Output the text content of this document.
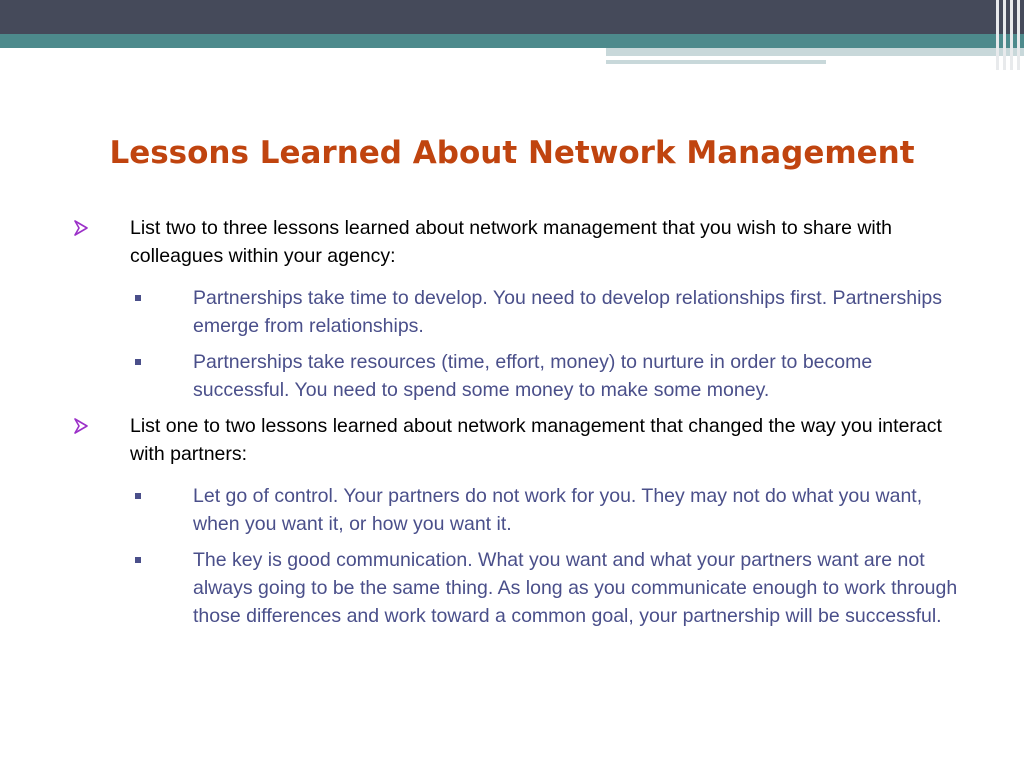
Lessons Learned About Network Management
List two to three lessons learned about network management that you wish to share with colleagues within your agency:
Partnerships take time to develop. You need to develop relationships first. Partnerships emerge from relationships.
Partnerships take resources (time, effort, money) to nurture in order to become successful. You need to spend some money to make some money.
List one to two lessons learned about network management that changed the way you interact with partners:
Let go of control. Your partners do not work for you. They may not do what you want, when you want it, or how you want it.
The key is good communication. What you want and what your partners want are not always going to be the same thing. As long as you communicate enough to work through those differences and work toward a common goal, your partnership will be successful.
